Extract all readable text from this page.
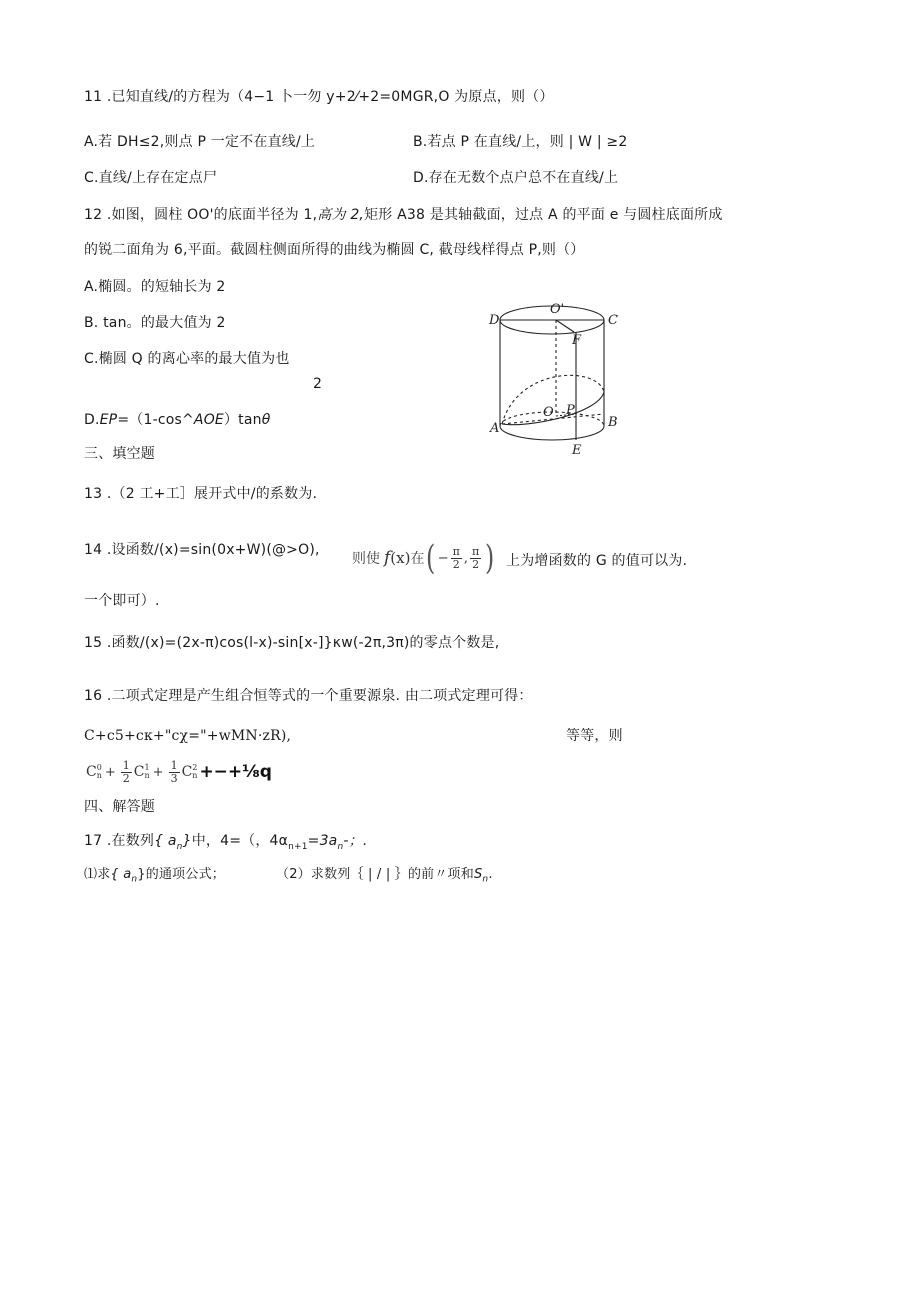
11 .已知直线/的方程为（4−1 卜一勿 y+2⁄+2=0MGR,O 为原点，则（）
A.若 DH≤2,则点 P 一定不在直线/上	B.若点 P 在直线/上，则 | W | ≥2
C.直线/上存在定点尸	D.存在无数个点户总不在直线/上
12 .如图，圆柱 OO'的底面半径为 1,高为 2,矩形 A38 是其轴截面，过点 A 的平面 e 与圆柱底面所成
的锐二面角为 6,平面。截圆柱侧面所得的曲线为椭圆 C, 截母线样得点 P,则（）
A.椭圆。的短轴长为 2
B. tan。的最大值为 2
C.椭圆 Q 的离心率的最大值为也
2
D.EP=（1-cos^AOE）tanθ
D
O'
C
F
O P
A	B
E
三、填空题
13 .（2 工+工］展开式中/的系数为.
14 .设函数/(x)=sin(0x+W)(@>O),
则使 f (x) 在 ( − $\frac{\pi}{2}$ , $\frac{\pi}{2}$ ) 上为增函数的 G 的值可以为.
一个即可）.
15 .函数/(x)=(2x-π)cos(l-x)-sin[x-]}κw(-2π,3π)的零点个数是,
16 .二项式定理是产生组合恒等式的一个重要源泉. 由二项式定理可得：
C+c5+cκ+"cχ="+wMN·zR),	等等，则
C 0
$n + \frac{1}{2}$ C 1
$n + \frac{1}{3}$ C 2
n +−+⅛q
四、解答题
17 .在数列{ $a_n$}中，4=（，$4\alpha_{n+1}=3a_n-$；.
⑴求{ $a_n$}的通项公式；	（2）求数列｛ | / | ｝的前〃项和$S_n$.
